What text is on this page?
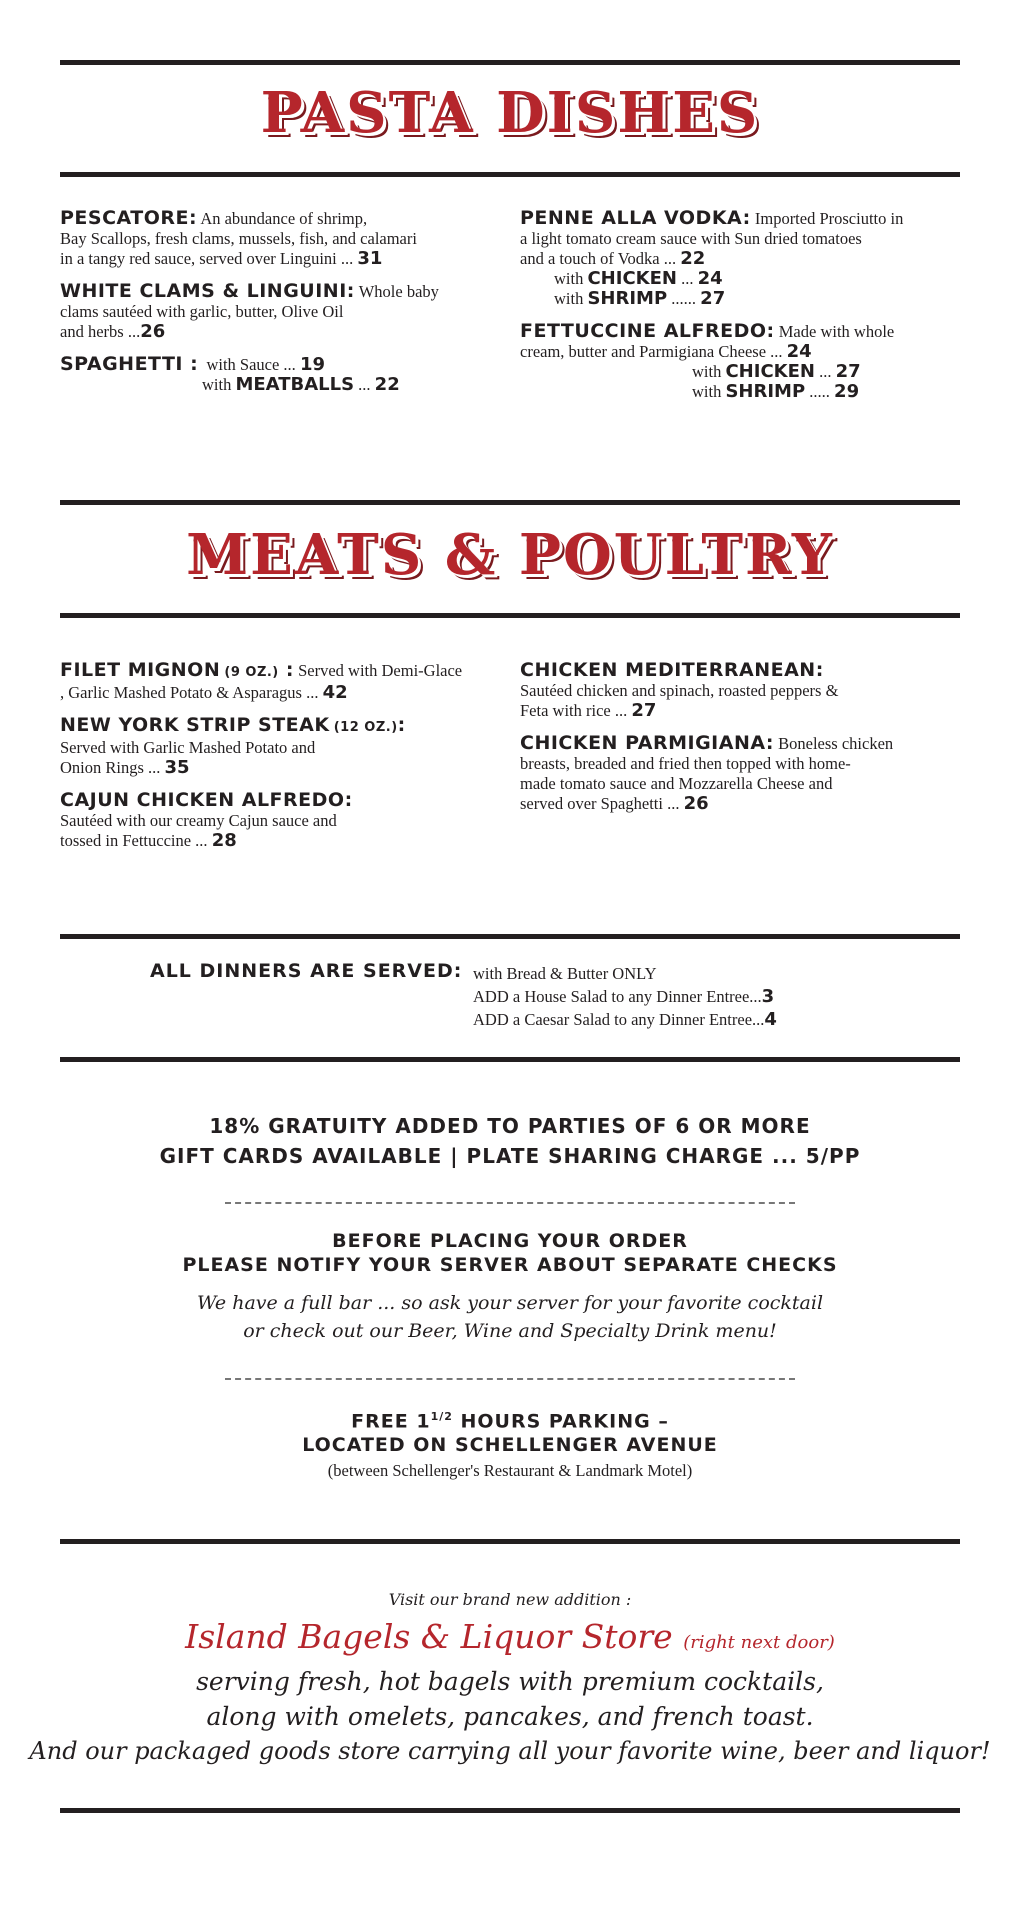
PASTA DISHES
PESCATORE: An abundance of shrimp,
Bay Scallops, fresh clams, mussels, fish, and calamari
in a tangy red sauce, served over Linguini ... 31
WHITE CLAMS & LINGUINI: Whole baby
clams sautéed with garlic, butter, Olive Oil
and herbs ...26
SPAGHETTI : with Sauce ... 19
with MEATBALLS ... 22
PENNE ALLA VODKA: Imported Prosciutto in
a light tomato cream sauce with Sun dried tomatoes
and a touch of Vodka ... 22
with CHICKEN ... 24
with SHRIMP ...... 27
FETTUCCINE ALFREDO: Made with whole
cream, butter and Parmigiana Cheese ... 24
with CHICKEN ... 27
with SHRIMP ..... 29
MEATS & POULTRY
FILET MIGNON (9 OZ.) : Served with Demi-Glace
, Garlic Mashed Potato & Asparagus ... 42
NEW YORK STRIP STEAK (12 OZ.):
Served with Garlic Mashed Potato and
Onion Rings ... 35
CAJUN CHICKEN ALFREDO:
Sautéed with our creamy Cajun sauce and
tossed in Fettuccine ... 28
CHICKEN MEDITERRANEAN:
Sautéed chicken and spinach, roasted peppers &
Feta with rice ... 27
CHICKEN PARMIGIANA: Boneless chicken
breasts, breaded and fried then topped with home-
made tomato sauce and Mozzarella Cheese and
served over Spaghetti ... 26
ALL DINNERS ARE SERVED: with Bread & Butter ONLY
ADD a House Salad to any Dinner Entree...3
ADD a Caesar Salad to any Dinner Entree...4
18% GRATUITY ADDED TO PARTIES OF 6 OR MORE
GIFT CARDS AVAILABLE | PLATE SHARING CHARGE ... 5/PP
BEFORE PLACING YOUR ORDER
PLEASE NOTIFY YOUR SERVER ABOUT SEPARATE CHECKS
We have a full bar ... so ask your server for your favorite cocktail
or check out our Beer, Wine and Specialty Drink menu!
FREE $1^{1/2}$ HOURS PARKING –
LOCATED ON SCHELLENGER AVENUE
(between Schellenger's Restaurant & Landmark Motel)
Visit our brand new addition :
Island Bagels & Liquor Store (right next door)
serving fresh, hot bagels with premium cocktails,
along with omelets, pancakes, and french toast.
And our packaged goods store carrying all your favorite wine, beer and liquor!
